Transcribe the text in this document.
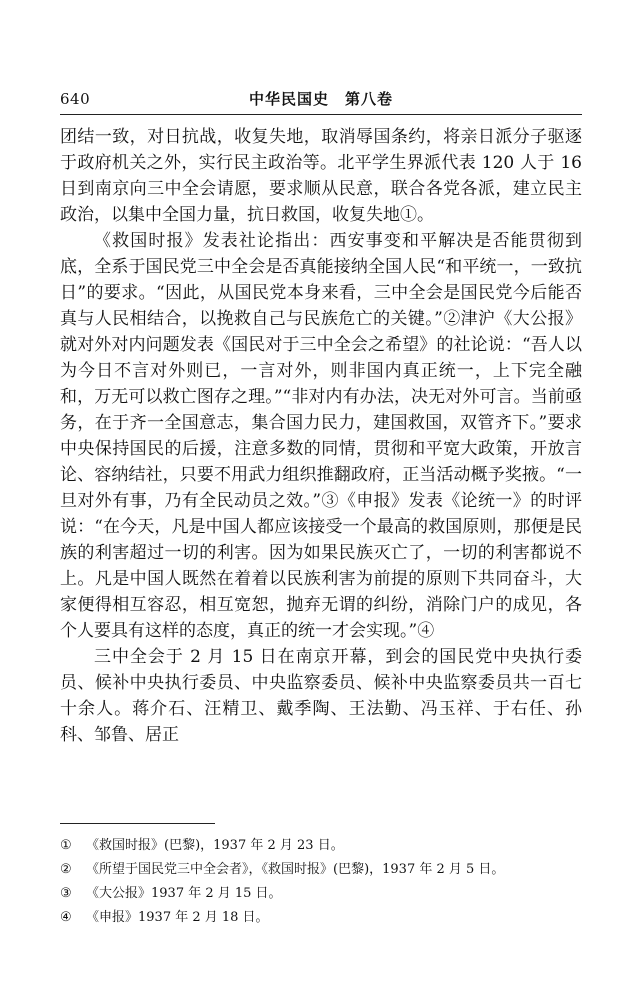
640	中华民国史　第八卷

团结一致，对日抗战，收复失地，取消辱国条约，将亲日派分子驱逐于政府机关之外，实行民主政治等。北平学生界派代表 120 人于 16 日到南京向三中全会请愿，要求顺从民意，联合各党各派，建立民主政治，以集中全国力量，抗日救国，收复失地①。

《救国时报》发表社论指出：西安事变和平解决是否能贯彻到底，全系于国民党三中全会是否真能接纳全国人民“和平统一，一致抗日”的要求。“因此，从国民党本身来看，三中全会是国民党今后能否真与人民相结合，以挽救自己与民族危亡的关键。”②津沪《大公报》就对外对内问题发表《国民对于三中全会之希望》的社论说：“吾人以为今日不言对外则已，一言对外，则非国内真正统一，上下完全融和，万无可以救亡图存之理。”“非对内有办法，决无对外可言。当前亟务，在于齐一全国意志，集合国力民力，建国救国，双管齐下。”要求中央保持国民的后援，注意多数的同情，贯彻和平宽大政策，开放言论、容纳结社，只要不用武力组织推翻政府，正当活动概予奖掖。“一旦对外有事，乃有全民动员之效。”③《申报》发表《论统一》的时评说：“在今天，凡是中国人都应该接受一个最高的救国原则，那便是民族的利害超过一切的利害。因为如果民族灭亡了，一切的利害都说不上。凡是中国人既然在着着以民族利害为前提的原则下共同奋斗，大家便得相互容忍，相互宽恕，抛弃无谓的纠纷，消除门户的成见，各个人要具有这样的态度，真正的统一才会实现。”④

三中全会于 2 月 15 日在南京开幕，到会的国民党中央执行委员、候补中央执行委员、中央监察委员、候补中央监察委员共一百七十余人。蒋介石、汪精卫、戴季陶、王法勤、冯玉祥、于右任、孙科、邹鲁、居正

①	《救国时报》(巴黎)，1937 年 2 月 23 日。
②	《所望于国民党三中全会者》，《救国时报》(巴黎)，1937 年 2 月 5 日。
③	《大公报》1937 年 2 月 15 日。
④	《申报》1937 年 2 月 18 日。
